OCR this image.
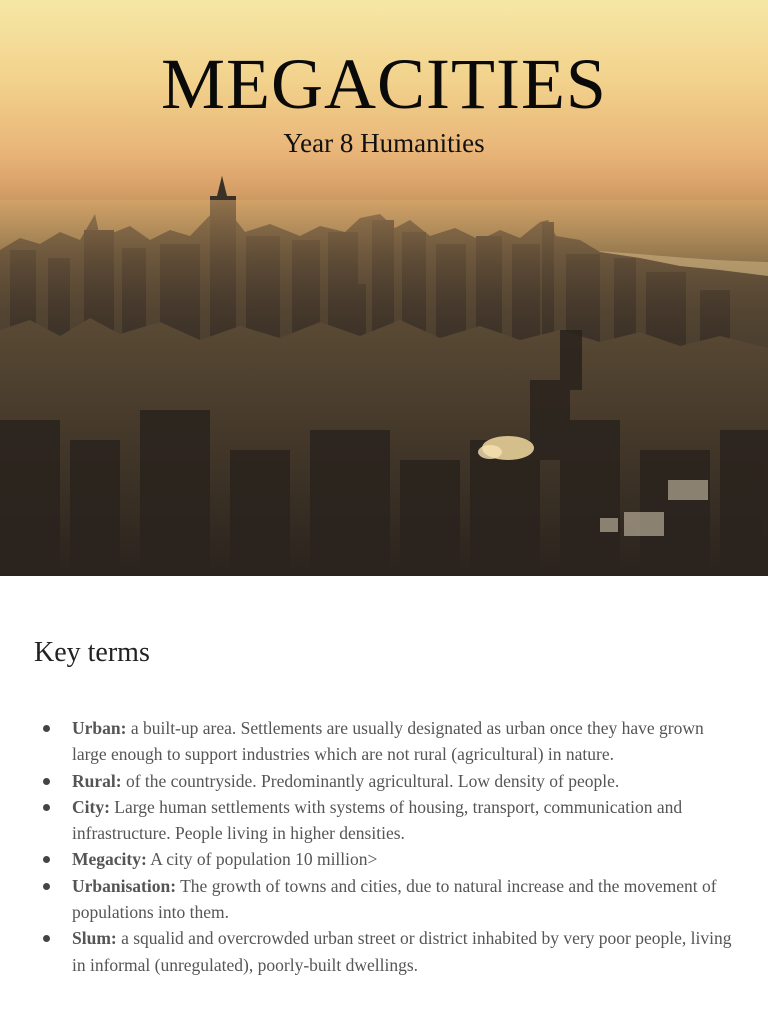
MEGACITIES
Year 8 Humanities
Key terms
Urban: a built-up area. Settlements are usually designated as urban once they have grown large enough to support industries which are not rural (agricultural) in nature.
Rural: of the countryside. Predominantly agricultural. Low density of people.
City: Large human settlements with systems of housing, transport, communication and infrastructure. People living in higher densities.
Megacity: A city of population 10 million>
Urbanisation: The growth of towns and cities, due to natural increase and the movement of populations into them.
Slum: a squalid and overcrowded urban street or district inhabited by very poor people, living in informal (unregulated), poorly-built dwellings.
